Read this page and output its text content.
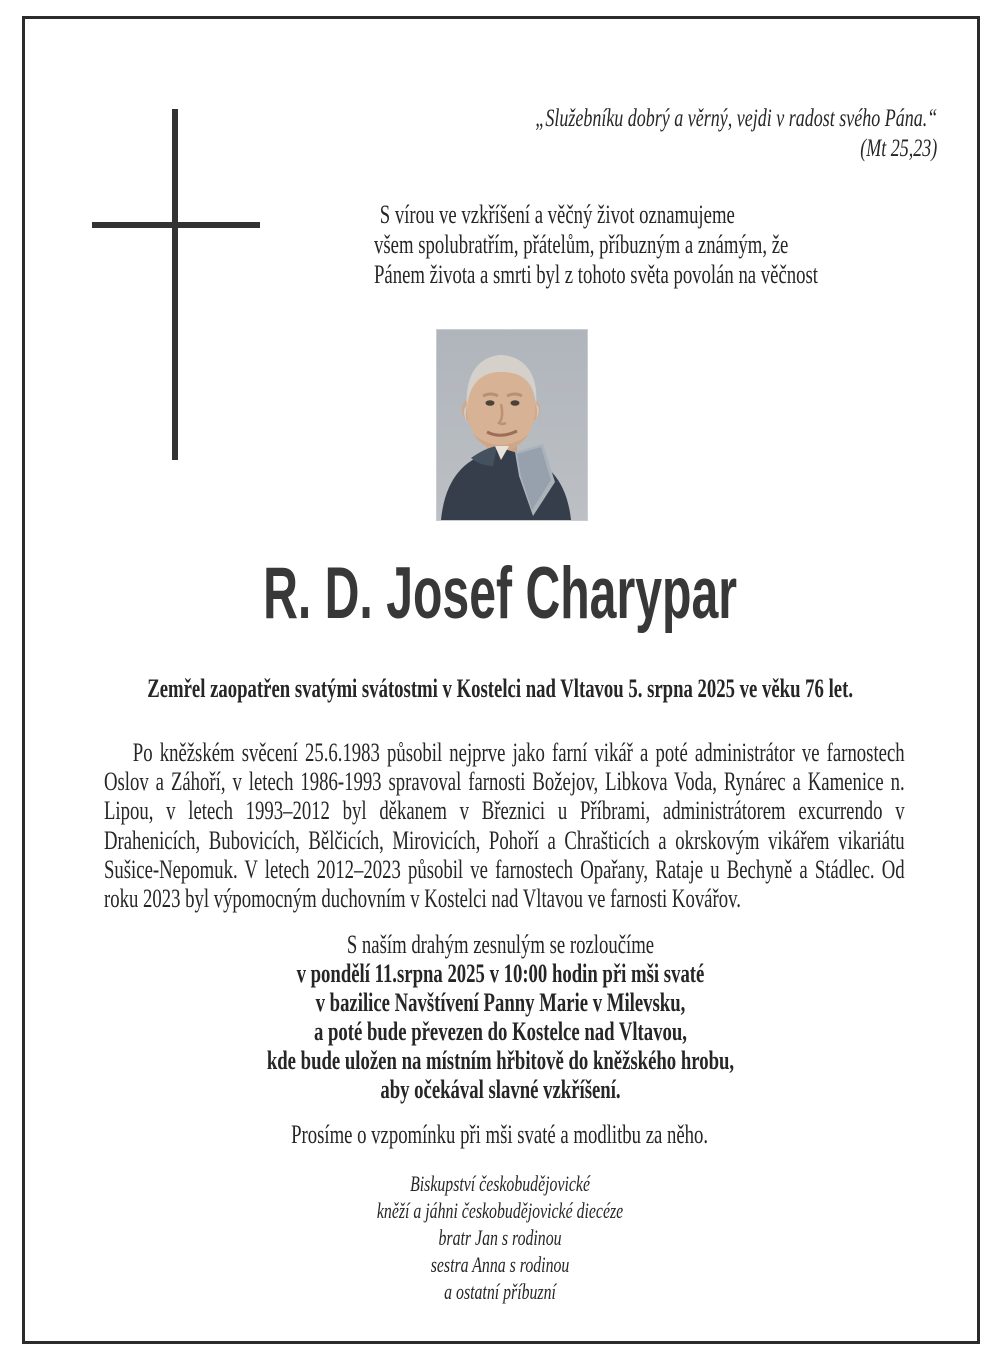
„Služebníku dobrý a věrný, vejdi v radost svého Pána.“
(Mt 25,23)
S vírou ve vzkříšení a věčný život oznamujeme
všem spolubratřím, přátelům, příbuzným a známým, že
Pánem života a smrti byl z tohoto světa povolán na věčnost
R. D. Josef Charypar
Zemřel zaopatřen svatými svátostmi v Kostelci nad Vltavou 5. srpna 2025 ve věku 76 let.
Po kněžském svěcení 25.6.1983 působil nejprve jako farní vikář a poté administrátor ve farnostech Oslov a Záhoří, v letech 1986-1993 spravoval farnosti Božejov, Libkova Voda, Rynárec a Kamenice n. Lipou, v letech 1993–2012 byl děkanem v Březnici u Příbrami, administrátorem excurrendo v Drahenicích, Bubovicích, Bělčicích, Mirovicích, Pohoří a Chrašticích a okrskovým vikářem vikariátu Sušice-Nepomuk. V letech 2012–2023 působil ve farnostech Opařany, Rataje u Bechyně a Stádlec. Od roku 2023 byl výpomocným duchovním v Kostelci nad Vltavou ve farnosti Kovářov.
S naším drahým zesnulým se rozloučíme
v pondělí 11.srpna 2025 v 10:00 hodin při mši svaté
v bazilice Navštívení Panny Marie v Milevsku,
a poté bude převezen do Kostelce nad Vltavou,
kde bude uložen na místním hřbitově do kněžského hrobu,
aby očekával slavné vzkříšení.
Prosíme o vzpomínku při mši svaté a modlitbu za něho.
Biskupství českobudějovické
kněží a jáhni českobudějovické diecéze
bratr Jan s rodinou
sestra Anna s rodinou
a ostatní příbuzní
